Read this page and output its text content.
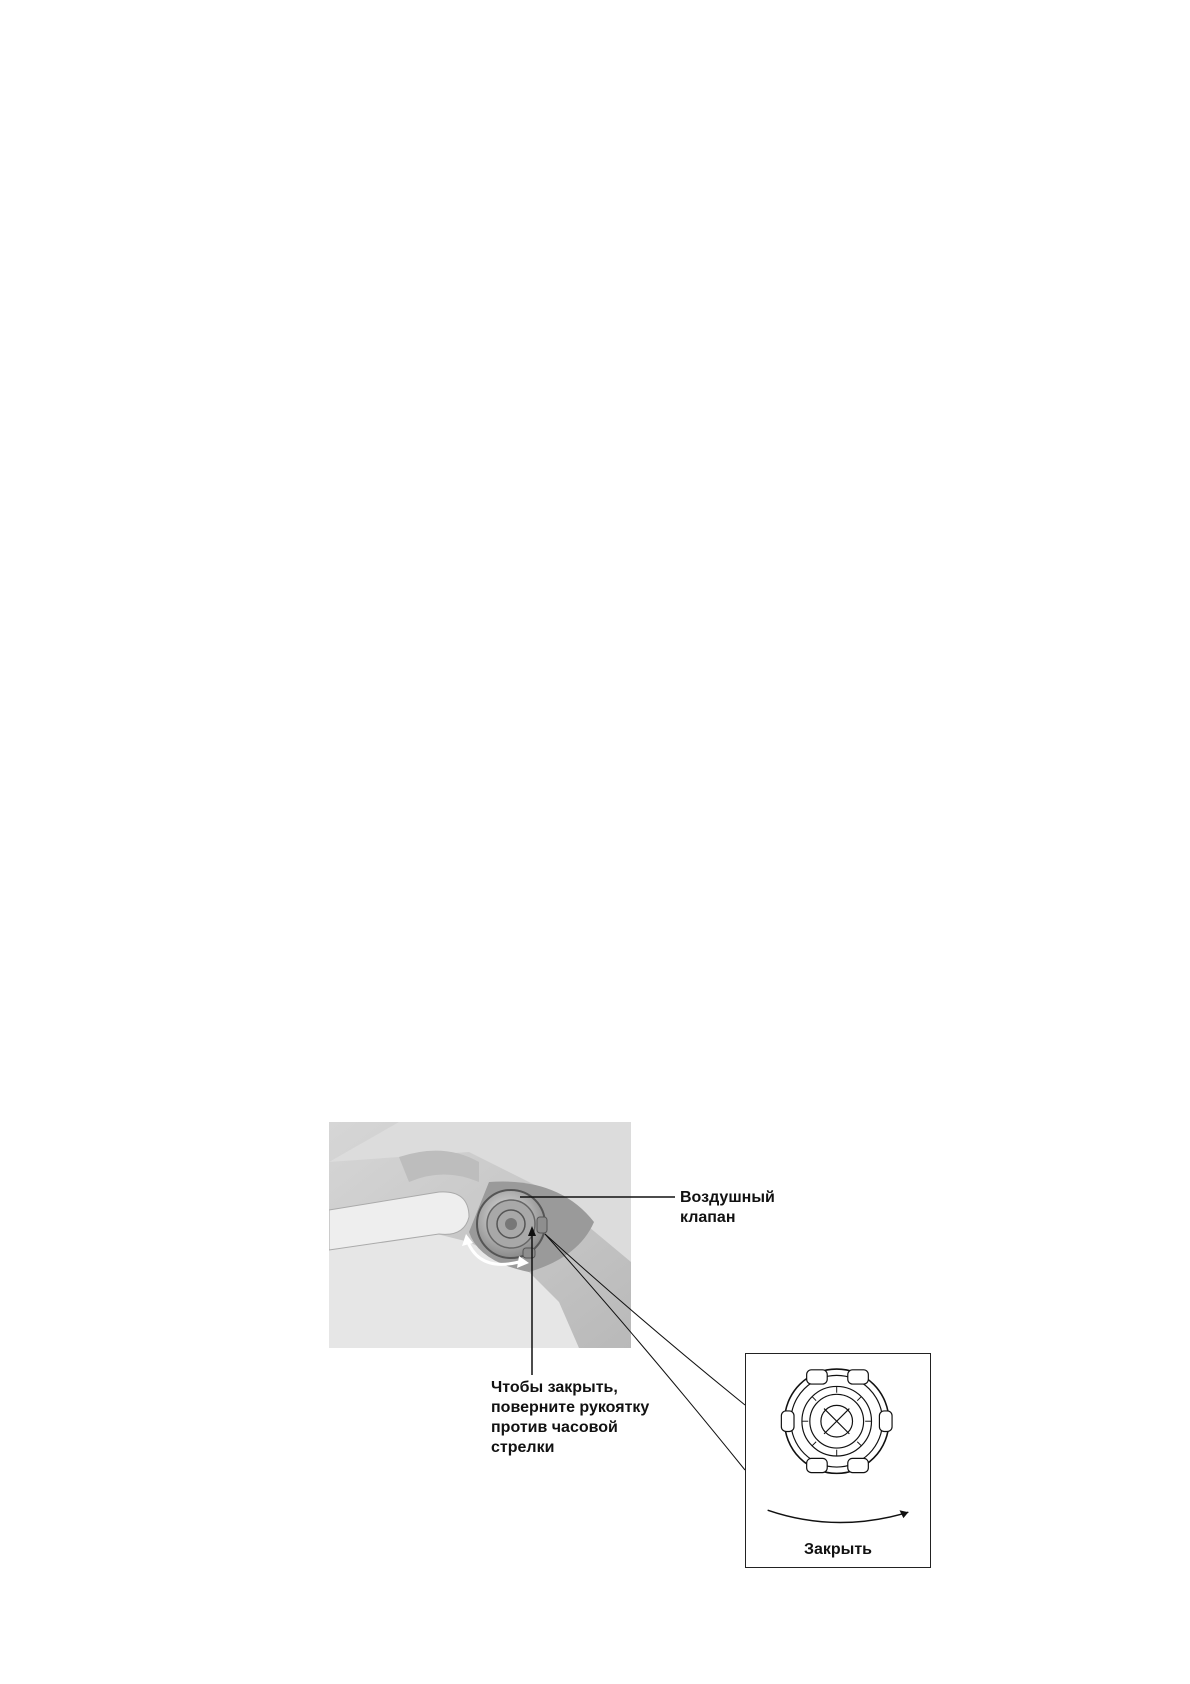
Воздушный
клапан
Чтобы закрыть,
поверните рукоятку
против часовой
стрелки
Закрыть
